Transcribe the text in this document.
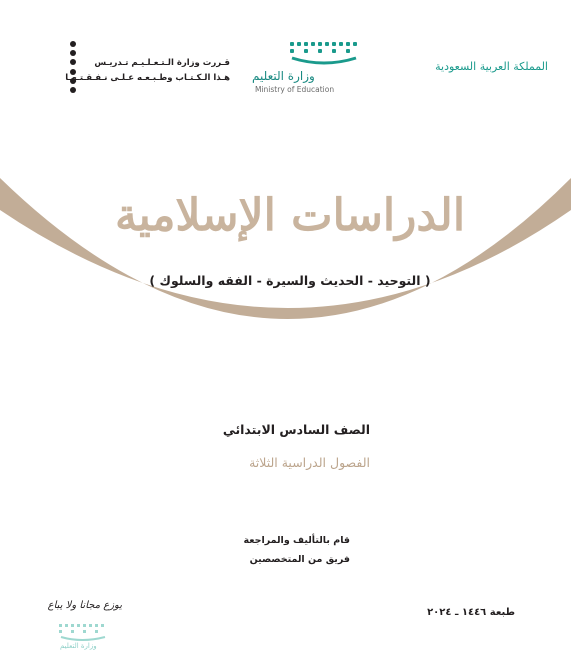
المملكة العربية السعودية
وزارة التعليم
Ministry of Education
قـررت وزارة الـتـعـلـيـم تـدريـس
هـذا الـكـتـاب وطـبـعـه عـلـى نـفـقـتـهـا
الدراسات الإسلامية
( التوحيد - الحديث والسيرة - الفقه والسلوك )
الصف السادس الابتدائي
الفصول الدراسية الثلاثة
قام بالتأليف والمراجعة
فريق من المتخصصين
طبعة ١٤٤٦ ـ ٢٠٢٤
يوزع مجانا ولا يباع
وزارة التعليم
